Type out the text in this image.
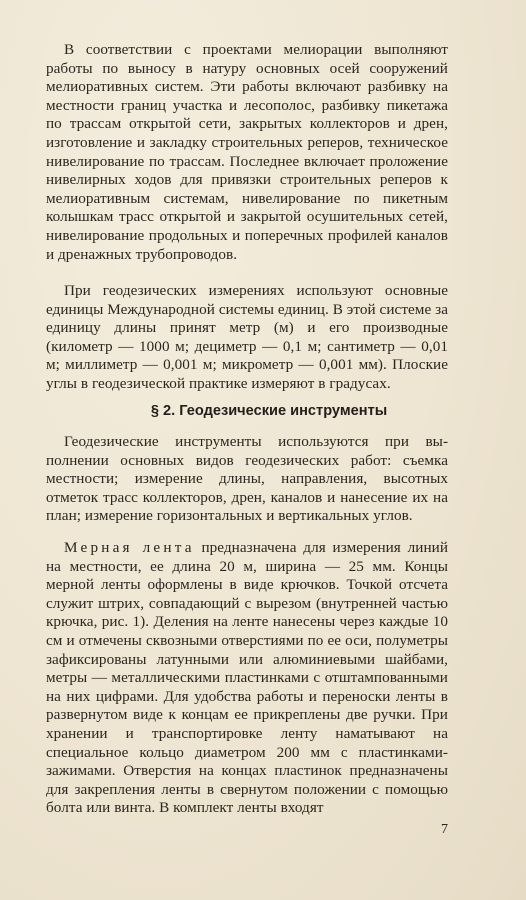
В соответствии с проектами мелиорации выполняют работы по выносу в натуру основных осей сооружений мелиоративных систем. Эти работы включают разбивку на местности границ участка и лесополос, разбивку пикетажа по трассам открытой сети, закрытых коллекторов и дрен, изготовление и закладку строительных реперов, техническое нивелирование по трассам. Последнее включает проложение нивелирных ходов для привязки строительных реперов к мелиоративным системам, нивелирование по пикетным колышкам трасс открытой и закрытой осушительных сетей, нивелирование продольных и поперечных профилей каналов и дренажных трубопроводов.

При геодезических измерениях используют основные единицы Международной системы единиц. В этой системе за единицу длины принят метр (м) и его производные (километр — 1000 м; дециметр — 0,1 м; сантиметр — 0,01 м; миллиметр — 0,001 м; микрометр — 0,001 мм). Плоские углы в геодезической практике измеряют в градусах.

§ 2. Геодезические инструменты

Геодезические инструменты используются при выполнении основных видов геодезических работ: съемка местности; измерение длины, направления, высотных отметок трасс коллекторов, дрен, каналов и нанесение их на план; измерение горизонтальных и вертикальных углов.

Мерная лента предназначена для измерения линий на местности, ее длина 20 м, ширина — 25 мм. Концы мерной ленты оформлены в виде крючков. Точкой отсчета служит штрих, совпадающий с вырезом (внутренней частью крючка, рис. 1). Деления на ленте нанесены через каждые 10 см и отмечены сквозными отверстиями по ее оси, полуметры зафиксированы латунными или алюминиевыми шайбами, метры — металлическими пластинками с отштампованными на них цифрами. Для удобства работы и переноски ленты в развернутом виде к концам ее прикреплены две ручки. При хранении и транспортировке ленту наматывают на специальное кольцо диаметром 200 мм с пластинками-зажимами. Отверстия на концах пластинок предназначены для закрепления ленты в свернутом положении с помощью болта или винта. В комплект ленты входят

7
